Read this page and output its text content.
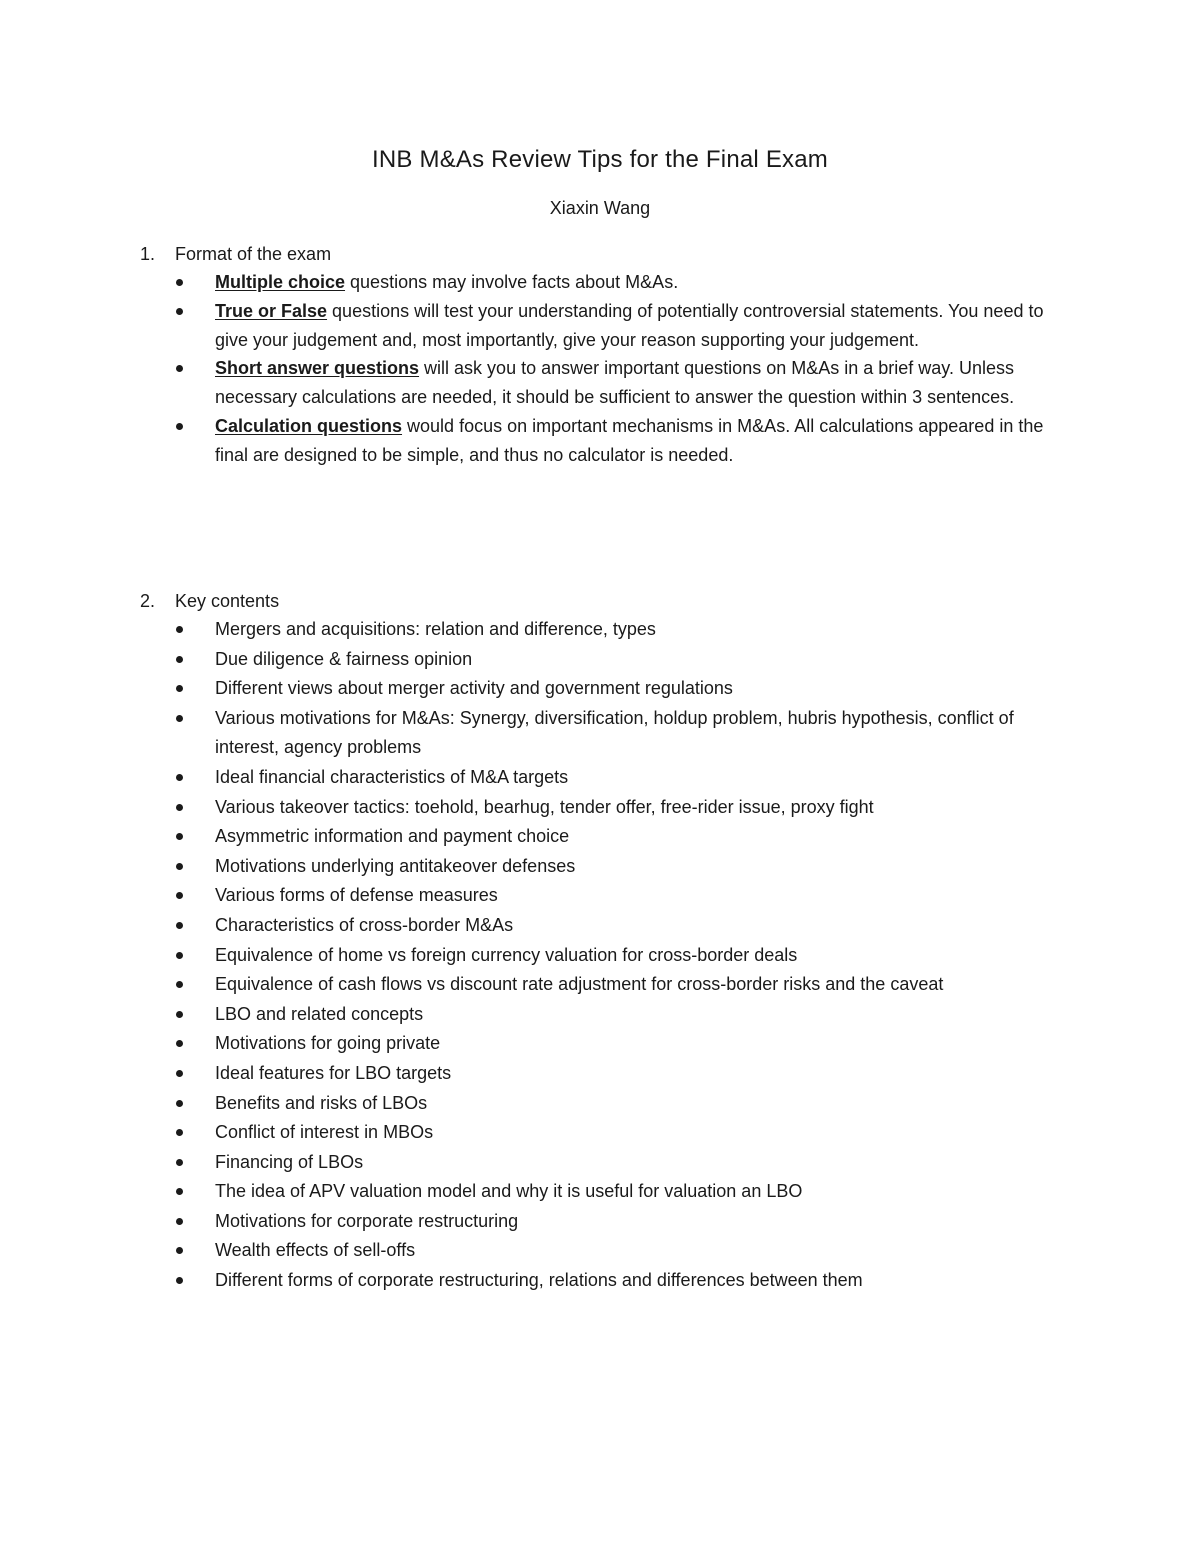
INB M&As Review Tips for the Final Exam
Xiaxin Wang
1. Format of the exam
Multiple choice questions may involve facts about M&As.
True or False questions will test your understanding of potentially controversial statements. You need to give your judgement and, most importantly, give your reason supporting your judgement.
Short answer questions will ask you to answer important questions on M&As in a brief way. Unless necessary calculations are needed, it should be sufficient to answer the question within 3 sentences.
Calculation questions would focus on important mechanisms in M&As. All calculations appeared in the final are designed to be simple, and thus no calculator is needed.
2. Key contents
Mergers and acquisitions: relation and difference, types
Due diligence & fairness opinion
Different views about merger activity and government regulations
Various motivations for M&As: Synergy, diversification, holdup problem, hubris hypothesis, conflict of interest, agency problems
Ideal financial characteristics of M&A targets
Various takeover tactics: toehold, bearhug, tender offer, free-rider issue, proxy fight
Asymmetric information and payment choice
Motivations underlying antitakeover defenses
Various forms of defense measures
Characteristics of cross-border M&As
Equivalence of home vs foreign currency valuation for cross-border deals
Equivalence of cash flows vs discount rate adjustment for cross-border risks and the caveat
LBO and related concepts
Motivations for going private
Ideal features for LBO targets
Benefits and risks of LBOs
Conflict of interest in MBOs
Financing of LBOs
The idea of APV valuation model and why it is useful for valuation an LBO
Motivations for corporate restructuring
Wealth effects of sell-offs
Different forms of corporate restructuring, relations and differences between them
